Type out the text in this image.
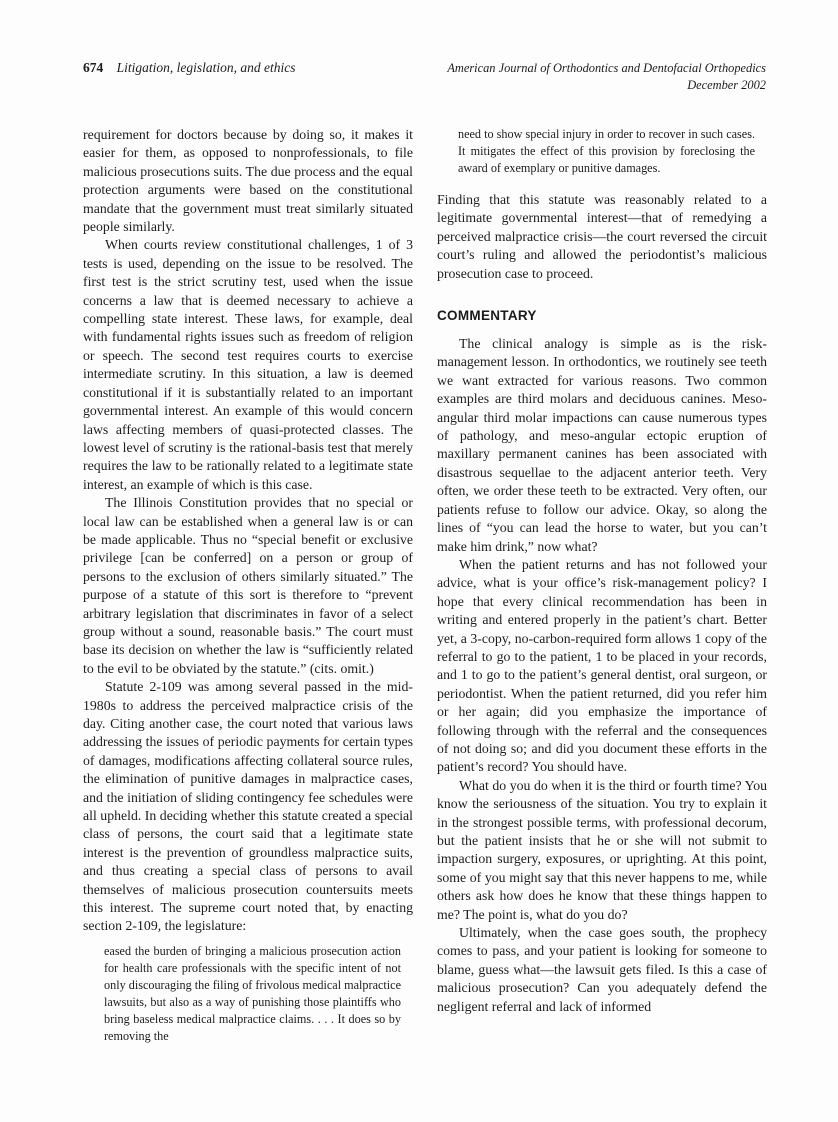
674 Litigation, legislation, and ethics	American Journal of Orthodontics and Dentofacial Orthopedics
December 2002

requirement for doctors because by doing so, it makes it easier for them, as opposed to nonprofessionals, to file malicious prosecutions suits. The due process and the equal protection arguments were based on the constitutional mandate that the government must treat similarly situated people similarly.

When courts review constitutional challenges, 1 of 3 tests is used, depending on the issue to be resolved. The first test is the strict scrutiny test, used when the issue concerns a law that is deemed necessary to achieve a compelling state interest. These laws, for example, deal with fundamental rights issues such as freedom of religion or speech. The second test requires courts to exercise intermediate scrutiny. In this situation, a law is deemed constitutional if it is substantially related to an important governmental interest. An example of this would concern laws affecting members of quasi-protected classes. The lowest level of scrutiny is the rational-basis test that merely requires the law to be rationally related to a legitimate state interest, an example of which is this case.

The Illinois Constitution provides that no special or local law can be established when a general law is or can be made applicable. Thus no “special benefit or exclusive privilege [can be conferred] on a person or group of persons to the exclusion of others similarly situated.” The purpose of a statute of this sort is therefore to “prevent arbitrary legislation that discriminates in favor of a select group without a sound, reasonable basis.” The court must base its decision on whether the law is “sufficiently related to the evil to be obviated by the statute.” (cits. omit.)

Statute 2-109 was among several passed in the mid-1980s to address the perceived malpractice crisis of the day. Citing another case, the court noted that various laws addressing the issues of periodic payments for certain types of damages, modifications affecting collateral source rules, the elimination of punitive damages in malpractice cases, and the initiation of sliding contingency fee schedules were all upheld. In deciding whether this statute created a special class of persons, the court said that a legitimate state interest is the prevention of groundless malpractice suits, and thus creating a special class of persons to avail themselves of malicious prosecution countersuits meets this interest. The supreme court noted that, by enacting section 2-109, the legislature:

eased the burden of bringing a malicious prosecution action for health care professionals with the specific intent of not only discouraging the filing of frivolous medical malpractice lawsuits, but also as a way of punishing those plaintiffs who bring baseless medical malpractice claims. . . . It does so by removing the
need to show special injury in order to recover in such cases. It mitigates the effect of this provision by foreclosing the award of exemplary or punitive damages.

Finding that this statute was reasonably related to a legitimate governmental interest—that of remedying a perceived malpractice crisis—the court reversed the circuit court’s ruling and allowed the periodontist’s malicious prosecution case to proceed.

COMMENTARY

The clinical analogy is simple as is the risk-management lesson. In orthodontics, we routinely see teeth we want extracted for various reasons. Two common examples are third molars and deciduous canines. Meso-angular third molar impactions can cause numerous types of pathology, and meso-angular ectopic eruption of maxillary permanent canines has been associated with disastrous sequellae to the adjacent anterior teeth. Very often, we order these teeth to be extracted. Very often, our patients refuse to follow our advice. Okay, so along the lines of “you can lead the horse to water, but you can’t make him drink,” now what?

When the patient returns and has not followed your advice, what is your office’s risk-management policy? I hope that every clinical recommendation has been in writing and entered properly in the patient’s chart. Better yet, a 3-copy, no-carbon-required form allows 1 copy of the referral to go to the patient, 1 to be placed in your records, and 1 to go to the patient’s general dentist, oral surgeon, or periodontist. When the patient returned, did you refer him or her again; did you emphasize the importance of following through with the referral and the consequences of not doing so; and did you document these efforts in the patient’s record? You should have.

What do you do when it is the third or fourth time? You know the seriousness of the situation. You try to explain it in the strongest possible terms, with professional decorum, but the patient insists that he or she will not submit to impaction surgery, exposures, or uprighting. At this point, some of you might say that this never happens to me, while others ask how does he know that these things happen to me? The point is, what do you do?

Ultimately, when the case goes south, the prophecy comes to pass, and your patient is looking for someone to blame, guess what—the lawsuit gets filed. Is this a case of malicious prosecution? Can you adequately defend the negligent referral and lack of informed
